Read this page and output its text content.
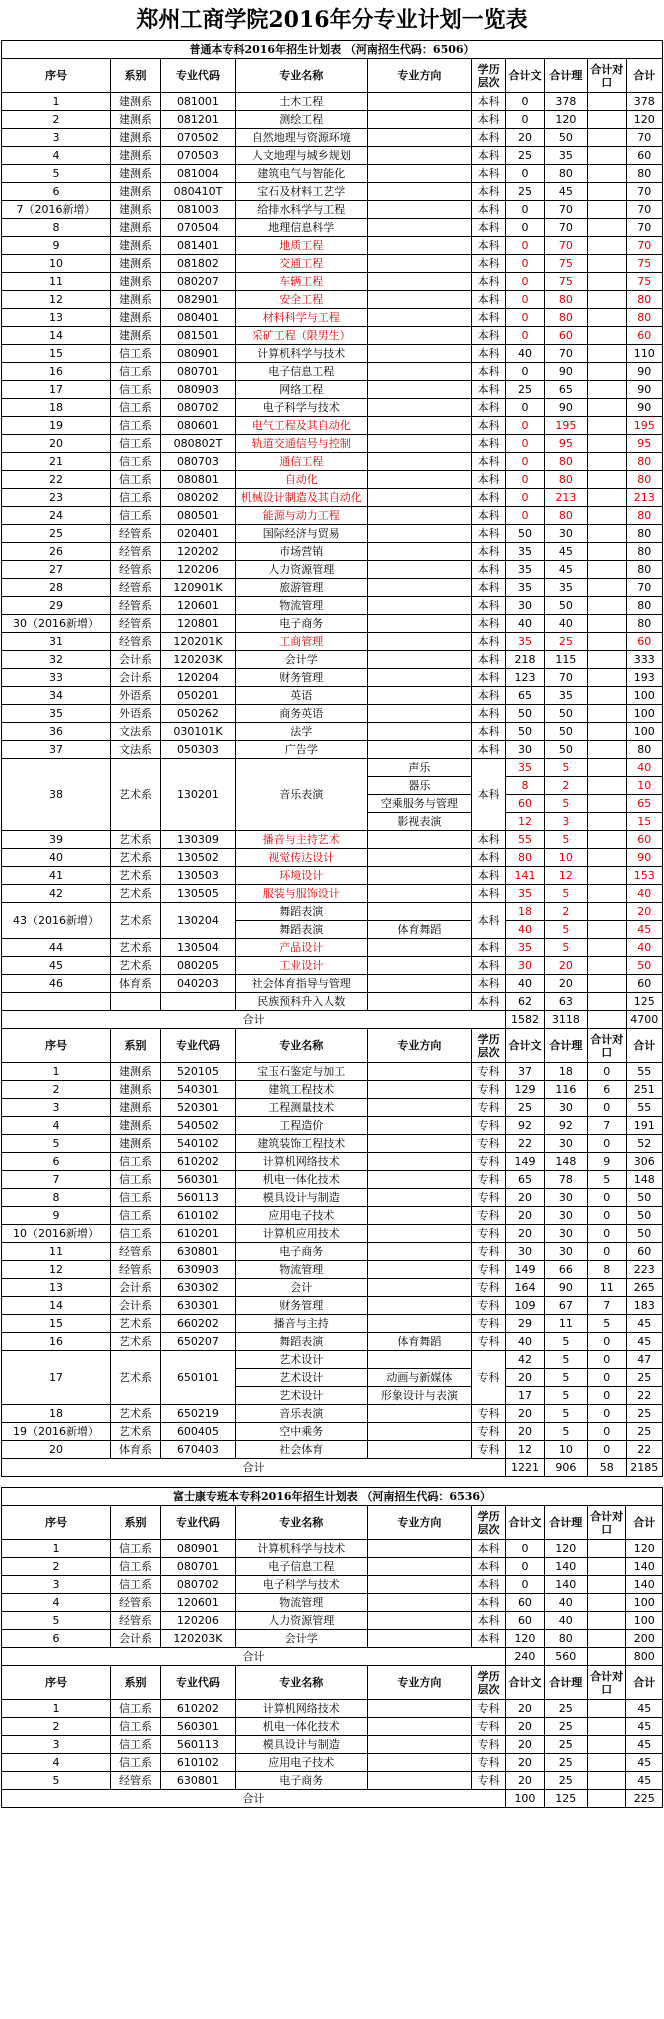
郑州工商学院2016年分专业计划一览表
普通本专科2016年招生计划表 （河南招生代码：6506）									
序号	系别	专业代码	专业名称	专业方向	学历层次	合计文	合计理	合计对口	合计
1	建测系	081001	土木工程		本科	0	378		378
2	建测系	081201	测绘工程		本科	0	120		120
3	建测系	070502	自然地理与资源环境		本科	20	50		70
4	建测系	070503	人文地理与城乡规划		本科	25	35		60
5	建测系	081004	建筑电气与智能化		本科	0	80		80
6	建测系	080410T	宝石及材料工艺学		本科	25	45		70
7（2016新增）	建测系	081003	给排水科学与工程		本科	0	70		70
8	建测系	070504	地理信息科学		本科	0	70		70
9	建测系	081401	地质工程		本科	0	70		70
10	建测系	081802	交通工程		本科	0	75		75
11	建测系	080207	车辆工程		本科	0	75		75
12	建测系	082901	安全工程		本科	0	80		80
13	建测系	080401	材料科学与工程		本科	0	80		80
14	建测系	081501	采矿工程（限男生）		本科	0	60		60
15	信工系	080901	计算机科学与技术		本科	40	70		110
16	信工系	080701	电子信息工程		本科	0	90		90
17	信工系	080903	网络工程		本科	25	65		90
18	信工系	080702	电子科学与技术		本科	0	90		90
19	信工系	080601	电气工程及其自动化		本科	0	195		195
20	信工系	080802T	轨道交通信号与控制		本科	0	95		95
21	信工系	080703	通信工程		本科	0	80		80
22	信工系	080801	自动化		本科	0	80		80
23	信工系	080202	机械设计制造及其自动化		本科	0	213		213
24	信工系	080501	能源与动力工程		本科	0	80		80
25	经管系	020401	国际经济与贸易		本科	50	30		80
26	经管系	120202	市场营销		本科	35	45		80
27	经管系	120206	人力资源管理		本科	35	45		80
28	经管系	120901K	旅游管理		本科	35	35		70
29	经管系	120601	物流管理		本科	30	50		80
30（2016新增）	经管系	120801	电子商务		本科	40	40		80
31	经管系	120201K	工商管理		本科	35	25		60
32	会计系	120203K	会计学		本科	218	115		333
33	会计系	120204	财务管理		本科	123	70		193
34	外语系	050201	英语		本科	65	35		100
35	外语系	050262	商务英语		本科	50	50		100
36	文法系	030101K	法学		本科	50	50		100
37	文法系	050303	广告学		本科	30	50		80
38	艺术系	130201	音乐表演	声乐	本科	35	5		40
				器乐		8	2		10
				空乘服务与管理		60	5		65
				影视表演		12	3		15
39	艺术系	130309	播音与主持艺术		本科	55	5		60
40	艺术系	130502	视觉传达设计		本科	80	10		90
41	艺术系	130503	环境设计		本科	141	12		153
42	艺术系	130505	服装与服饰设计		本科	35	5		40
43（2016新增）	艺术系	130204	舞蹈表演		本科	18	2		20
			舞蹈表演	体育舞蹈		40	5		45
44	艺术系	130504	产品设计		本科	35	5		40
45	艺术系	080205	工业设计		本科	30	20		50
46	体育系	040203	社会体育指导与管理		本科	40	20		60
			民族预科升入人数		本科	62	63		125
合计						1582	3118		4700
序号	系别	专业代码	专业名称	专业方向	学历层次	合计文	合计理	合计对口	合计
1	建测系	520105	宝玉石鉴定与加工		专科	37	18	0	55
2	建测系	540301	建筑工程技术		专科	129	116	6	251
3	建测系	520301	工程测量技术		专科	25	30	0	55
4	建测系	540502	工程造价		专科	92	92	7	191
5	建测系	540102	建筑装饰工程技术		专科	22	30	0	52
6	信工系	610202	计算机网络技术		专科	149	148	9	306
7	信工系	560301	机电一体化技术		专科	65	78	5	148
8	信工系	560113	模具设计与制造		专科	20	30	0	50
9	信工系	610102	应用电子技术		专科	20	30	0	50
10（2016新增）	信工系	610201	计算机应用技术		专科	20	30	0	50
11	经管系	630801	电子商务		专科	30	30	0	60
12	经管系	630903	物流管理		专科	149	66	8	223
13	会计系	630302	会计		专科	164	90	11	265
14	会计系	630301	财务管理		专科	109	67	7	183
15	艺术系	660202	播音与主持		专科	29	11	5	45
16	艺术系	650207	舞蹈表演	体育舞蹈	专科	40	5	0	45
17	艺术系	650101	艺术设计		专科	42	5	0	47
			艺术设计	动画与新媒体		20	5	0	25
			艺术设计	形象设计与表演		17	5	0	22
18	艺术系	650219	音乐表演		专科	20	5	0	25
19（2016新增）	艺术系	600405	空中乘务		专科	20	5	0	25
20	体育系	670403	社会体育		专科	12	10	0	22
合计						1221	906	58	2185
富士康专班本专科2016年招生计划表 （河南招生代码：6536）									
序号	系别	专业代码	专业名称	专业方向	学历层次	合计文	合计理	合计对口	合计
1	信工系	080901	计算机科学与技术		本科	0	120		120
2	信工系	080701	电子信息工程		本科	0	140		140
3	信工系	080702	电子科学与技术		本科	0	140		140
4	经管系	120601	物流管理		本科	60	40		100
5	经管系	120206	人力资源管理		本科	60	40		100
6	会计系	120203K	会计学		本科	120	80		200
合计						240	560		800
序号	系别	专业代码	专业名称	专业方向	学历层次	合计文	合计理	合计对口	合计
1	信工系	610202	计算机网络技术		专科	20	25		45
2	信工系	560301	机电一体化技术		专科	20	25		45
3	信工系	560113	模具设计与制造		专科	20	25		45
4	信工系	610102	应用电子技术		专科	20	25		45
5	经管系	630801	电子商务		专科	20	25		45
合计						100	125		225
